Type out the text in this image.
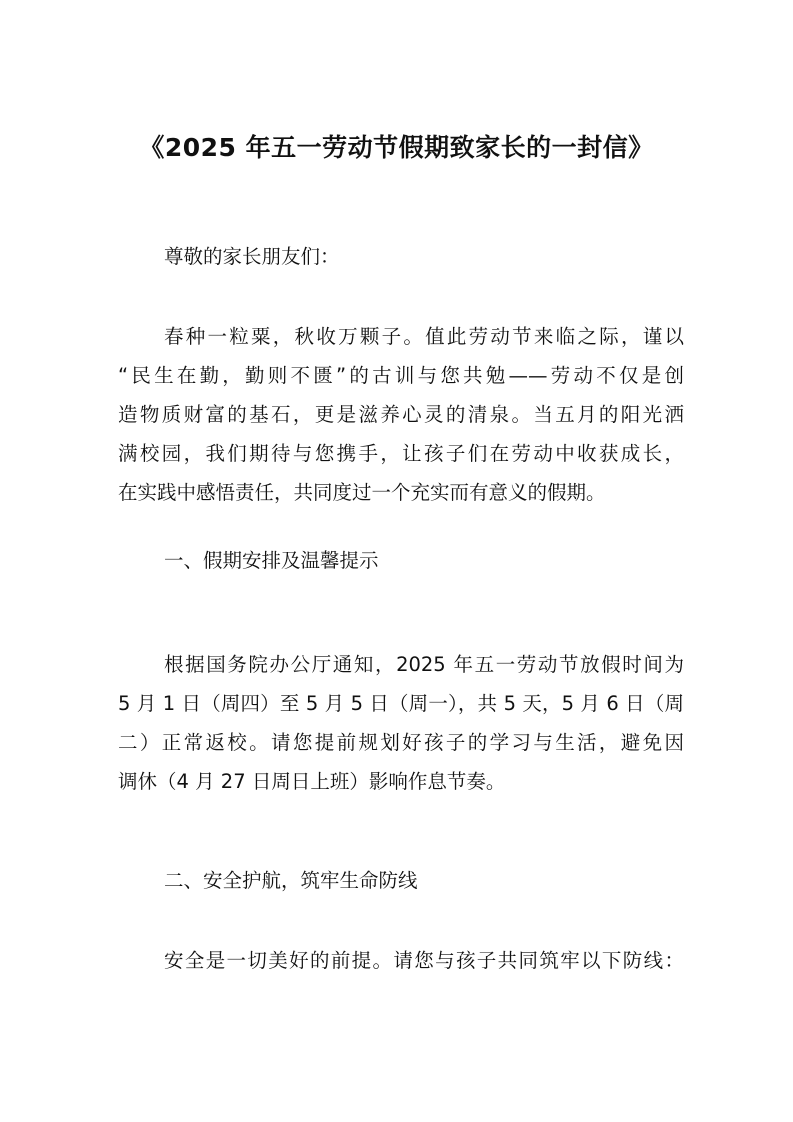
《2025 年五一劳动节假期致家长的一封信》
尊敬的家长朋友们：
春种一粒粟，秋收万颗子。值此劳动节来临之际，谨以
“民生在勤，勤则不匮”的古训与您共勉——劳动不仅是创
造物质财富的基石，更是滋养心灵的清泉。当五月的阳光洒
满校园，我们期待与您携手，让孩子们在劳动中收获成长，
在实践中感悟责任，共同度过一个充实而有意义的假期。
一、假期安排及温馨提示
根据国务院办公厅通知，2025 年五一劳动节放假时间为
5 月 1 日（周四）至 5 月 5 日（周一），共 5 天，5 月 6 日（周
二）正常返校。请您提前规划好孩子的学习与生活，避免因
调休（4 月 27 日周日上班）影响作息节奏。
二、安全护航，筑牢生命防线
安全是一切美好的前提。请您与孩子共同筑牢以下防线：
